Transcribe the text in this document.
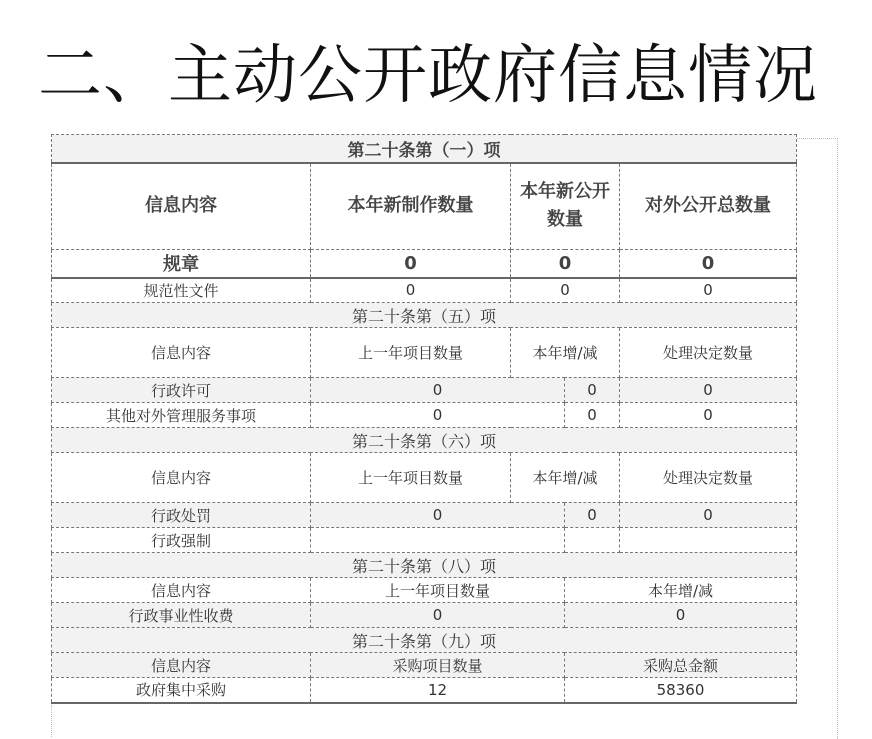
二、主动公开政府信息情况
第二十条第（一）项				
信息内容	本年新制作数量	本年新公开数量		对外公开总数量
规章	0	0		0
规范性文件	0	0		0
第二十条第（五）项				
信息内容	上一年项目数量	本年增/减		处理决定数量
行政许可	0		0	0
其他对外管理服务事项	0		0	0
第二十条第（六）项				
信息内容	上一年项目数量	本年增/减		处理决定数量
行政处罚	0		0	0
行政强制				
第二十条第（八）项				
信息内容	上一年项目数量		本年增/减	
行政事业性收费	0		0	
第二十条第（九）项				
信息内容	采购项目数量		采购总金额	
政府集中采购	12		58360	
